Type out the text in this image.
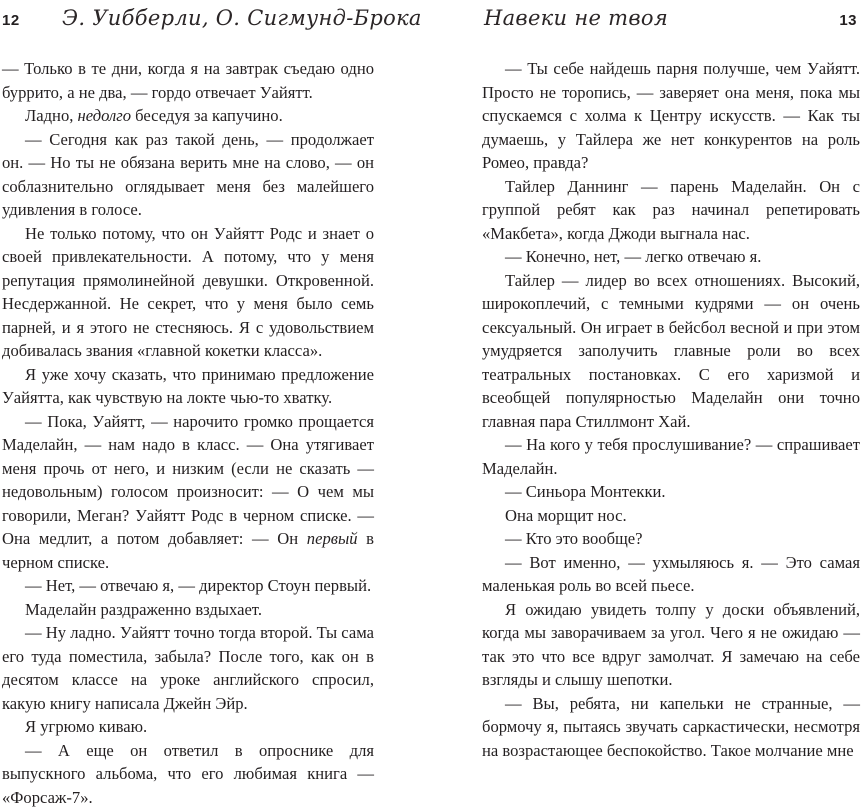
12 Э. Уибберли, О. Сигмунд-Брока

— Только в те дни, когда я на завтрак съедаю одно буррито, а не два, — гордо отвечает Уайятт.

Ладно, недолго беседуя за капучино.

— Сегодня как раз такой день, — продолжает он. — Но ты не обязана верить мне на слово, — он соблазнительно оглядывает меня без малейшего удивления в голосе.

Не только потому, что он Уайятт Родс и знает о своей привлекательности. А потому, что у меня репутация прямолинейной девушки. Откровенной. Несдержанной. Не секрет, что у меня было семь парней, и я этого не стесняюсь. Я с удовольствием добивалась звания «главной кокетки класса».

Я уже хочу сказать, что принимаю предложение Уайятта, как чувствую на локте чью-то хватку.

— Пока, Уайятт, — нарочито громко прощается Маделайн, — нам надо в класс. — Она утягивает меня прочь от него, и низким (если не сказать — недовольным) голосом произносит: — О чем мы говорили, Меган? Уайятт Родс в черном списке. — Она медлит, а потом добавляет: — Он первый в черном списке.

— Нет, — отвечаю я, — директор Стоун первый.

Маделайн раздраженно вздыхает.

— Ну ладно. Уайятт точно тогда второй. Ты сама его туда поместила, забыла? После того, как он в десятом классе на уроке английского спросил, какую книгу написала Джейн Эйр.

Я угрюмо киваю.

— А еще он ответил в опроснике для выпускного альбома, что его любимая книга — «Форсаж-7».

Навеки не твоя	13

— Ты себе найдешь парня получше, чем Уайятт. Просто не торопись, — заверяет она меня, пока мы спускаемся с холма к Центру искусств. — Как ты думаешь, у Тайлера же нет конкурентов на роль Ромео, правда?

Тайлер Даннинг — парень Маделайн. Он с группой ребят как раз начинал репетировать «Макбета», когда Джоди выгнала нас.

— Конечно, нет, — легко отвечаю я.

Тайлер — лидер во всех отношениях. Высокий, широкоплечий, с темными кудрями — он очень сексуальный. Он играет в бейсбол весной и при этом умудряется заполучить главные роли во всех театральных постановках. С его харизмой и всеобщей популярностью Маделайн они точно главная пара Стиллмонт Хай.

— На кого у тебя прослушивание? — спрашивает Маделайн.

— Синьора Монтекки.

Она морщит нос.

— Кто это вообще?

— Вот именно, — ухмыляюсь я. — Это самая маленькая роль во всей пьесе.

Я ожидаю увидеть толпу у доски объявлений, когда мы заворачиваем за угол. Чего я не ожидаю — так это что все вдруг замолчат. Я замечаю на себе взгляды и слышу шепотки.

— Вы, ребята, ни капельки не странные, — бормочу я, пытаясь звучать саркастически, несмотря на возрастающее беспокойство. Такое молчание мне
